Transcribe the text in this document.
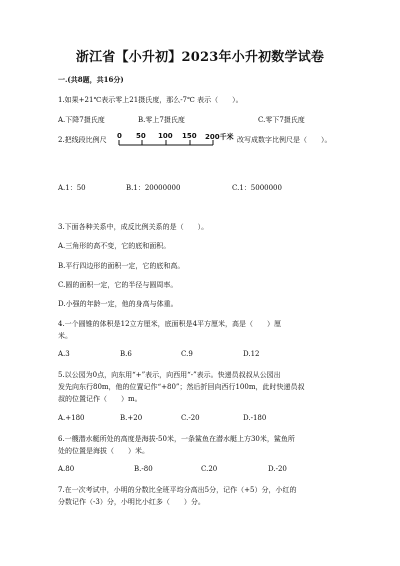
浙江省【小升初】2023年小升初数学试卷
一.(共8题，共16分)
1.如果+21℃表示零上21摄氏度，那么-7℃ 表示（　　）。
A.下降7摄氏度	B.零上7摄氏度	C.零下7摄氏度
2.把线段比例尺 0 50 100 150 200千米 改写成数字比例尺是（　　）。
A.1：50	B.1：20000000	C.1：5000000
3.下面各种关系中，成反比例关系的是（　　）。
A.三角形的高不变，它的底和面积。
B.平行四边形的面积一定，它的底和高。
C.圆的面积一定，它的半径与圆周率。
D.小强的年龄一定，他的身高与体重。
4.一个圆锥的体积是12立方厘米，底面积是4平方厘米，高是（　　）厘
米。
A.3	B.6	C.9	D.12
5.以公园为0点，向东用“+”表示，向西用“-”表示。快递员叔叔从公园出
发先向东行80m，他的位置记作“+80”；然后折回向西行100m，此时快递员叔
叔的位置记作（　　）m。
A.+180	B.+20	C.-20	D.-180
6.一艘潜水艇所处的高度是海拔-50米，一条鲨鱼在潜水艇上方30米，鲨鱼所
处的位置是海拔（　　）米。
A.80	B.-80	C.20	D.-20
7.在一次考试中，小明的分数比全班平均分高出5分，记作（+5）分，小红的
分数记作（-3）分，小明比小红多（　　）分。
